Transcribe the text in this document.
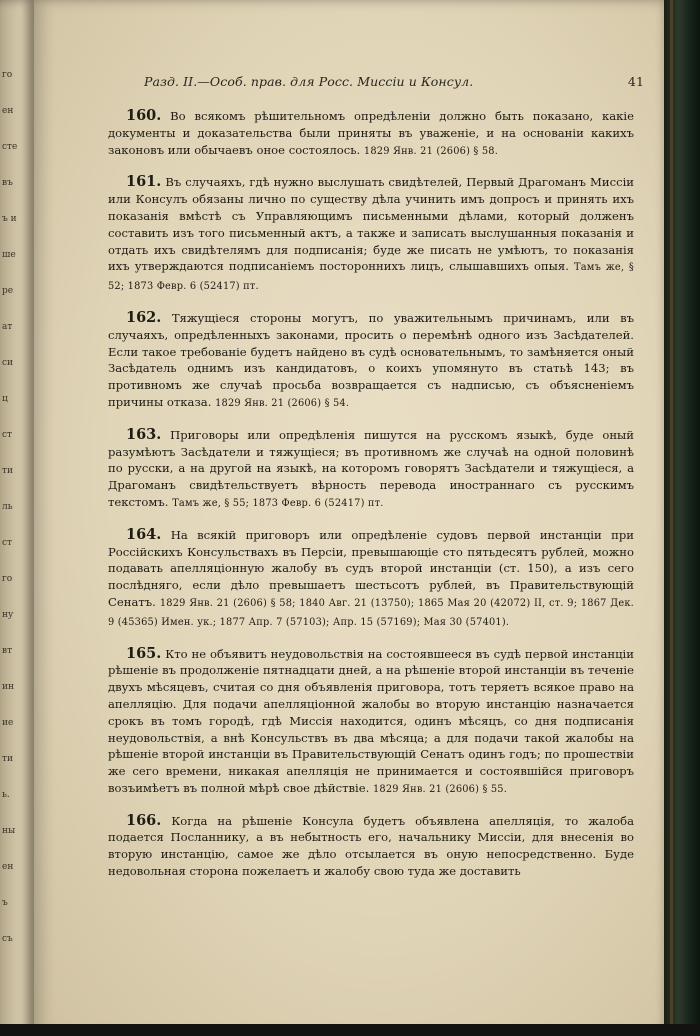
го
ен
сте
въ
ъ и
ше
ре
ат
си
ц
ст
ти
ль
ст
го
ну
вт
ин
ие
ти
ь.
ны
ен
ъ
съ
Разд. II.—Особ. прав. для Росс. Миссiи и Консул.	41

160. Во всякомъ рѣшительномъ опредѣленiи должно быть показано, какiе документы и доказательства были приняты въ уваженiе, и на основанiи какихъ законовъ или обычаевъ оное состоялось. 1829 Янв. 21 (2606) § 58.

161. Въ случаяхъ, гдѣ нужно выслушать свидѣтелей, Первый Драгоманъ Миссiи или Консулъ обязаны лично по существу дѣла учинить имъ допросъ и принять ихъ показанiя вмѣстѣ съ Управляющимъ письменными дѣлами, который долженъ составить изъ того письменный актъ, а также и записать выслушанныя показанiя и отдать ихъ свидѣтелямъ для подписанiя; буде же писать не умѣютъ, то показанiя ихъ утверждаются подписанiемъ постороннихъ лицъ, слышавшихъ опыя. Тамъ же, § 52; 1873 Февр. 6 (52417) пт.

162. Тяжущiеся стороны могутъ, по уважительнымъ причинамъ, или въ случаяхъ, опредѣленныхъ законами, просить о перемѣнѣ одного изъ Засѣдателей. Если такое требованiе будетъ найдено въ судѣ основательнымъ, то замѣняется оный Засѣдатель однимъ изъ кандидатовъ, о коихъ упомянуто въ статьѣ 143; въ противномъ же случаѣ просьба возвращается съ надписью, съ объясненiемъ причины отказа. 1829 Янв. 21 (2606) § 54.

163. Приговоры или опредѣленiя пишутся на русскомъ языкѣ, буде оный разумѣютъ Засѣдатели и тяжущiеся; въ противномъ же случаѣ на одной половинѣ по русски, а на другой на языкѣ, на которомъ говорятъ Засѣдатели и тяжущiеся, а Драгоманъ свидѣтельствуетъ вѣрность перевода иностраннаго съ русскимъ текстомъ. Тамъ же, § 55; 1873 Февр. 6 (52417) пт.

164. На всякiй приговоръ или опредѣленiе судовъ первой инстанцiи при Россiйскихъ Консульствахъ въ Персiи, превышающiе сто пятьдесятъ рублей, можно подавать апелляцiонную жалобу въ судъ второй инстанцiи (ст. 150), а изъ сего послѣдняго, если дѣло превышаетъ шестьсотъ рублей, въ Правительствующiй Сенатъ. 1829 Янв. 21 (2606) § 58; 1840 Авг. 21 (13750); 1865 Мая 20 (42072) II, ст. 9; 1867 Дек. 9 (45365) Имен. ук.; 1877 Апр. 7 (57103); Апр. 15 (57169); Мая 30 (57401).

165. Кто не объявитъ неудовольствiя на состоявшееся въ судѣ первой инстанцiи рѣшенiе въ продолженiе пятнадцати дней, а на рѣшенiе второй инстанцiи въ теченiе двухъ мѣсяцевъ, считая со дня объявленiя приговора, тотъ теряетъ всякое право на апелляцiю. Для подачи апелляцiонной жалобы во вторую инстанцiю назначается срокъ въ томъ городѣ, гдѣ Миссiя находится, одинъ мѣсяцъ, со дня подписанiя неудовольствiя, а внѣ Консульствъ въ два мѣсяца; а для подачи такой жалобы на рѣшенiе второй инстанцiи въ Правительствующiй Сенатъ одинъ годъ; по прошествiи же сего времени, никакая апелляцiя не принимается и состоявшiйся приговоръ возъимѣетъ въ полной мѣрѣ свое дѣйствiе. 1829 Янв. 21 (2606) § 55.

166. Когда на рѣшенiе Консула будетъ объявлена апелляцiя, то жалоба подается Посланнику, а въ небытность его, начальнику Миссiи, для внесенiя во вторую инстанцiю, самое же дѣло отсылается въ оную непосредственно. Буде недовольная сторона пожелаетъ и жалобу свою туда же доставить
